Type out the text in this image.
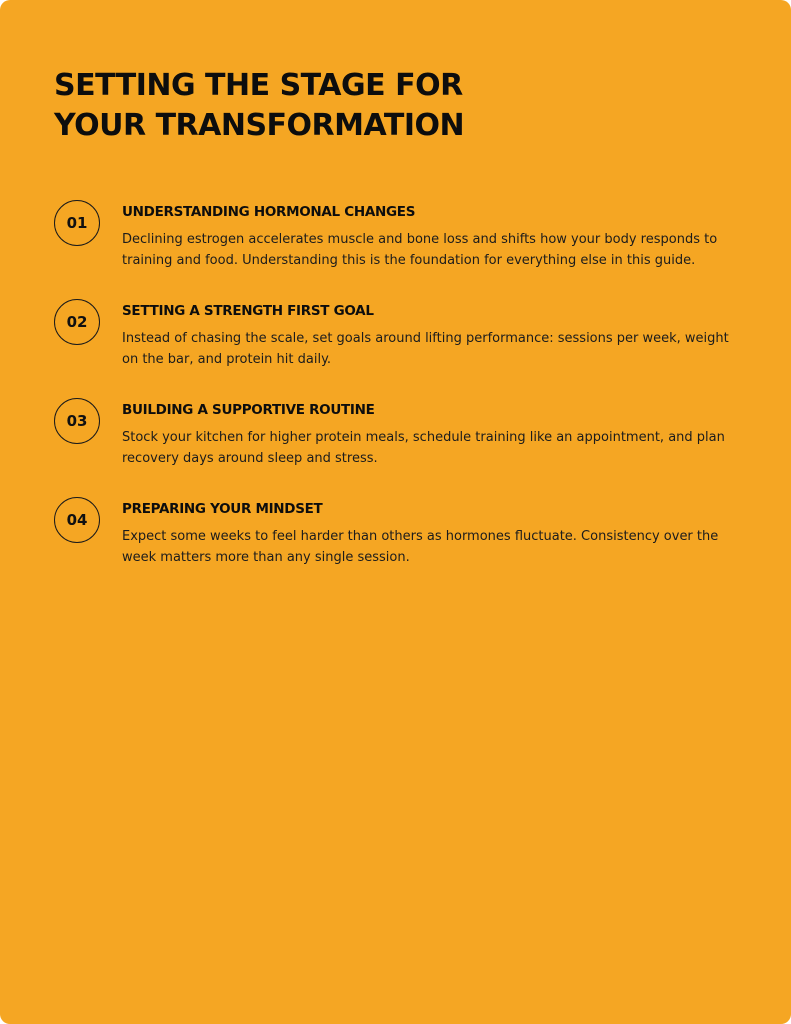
SETTING THE STAGE FOR
YOUR TRANSFORMATION
01
UNDERSTANDING HORMONAL CHANGES

Declining estrogen accelerates muscle and bone loss and shifts how your body responds to training and food. Understanding this is the foundation for everything else in this guide.

02
SETTING A STRENGTH FIRST GOAL

Instead of chasing the scale, set goals around lifting performance: sessions per week, weight on the bar, and protein hit daily.

03
BUILDING A SUPPORTIVE ROUTINE

Stock your kitchen for higher protein meals, schedule training like an appointment, and plan recovery days around sleep and stress.

04
PREPARING YOUR MINDSET

Expect some weeks to feel harder than others as hormones fluctuate. Consistency over the week matters more than any single session.
